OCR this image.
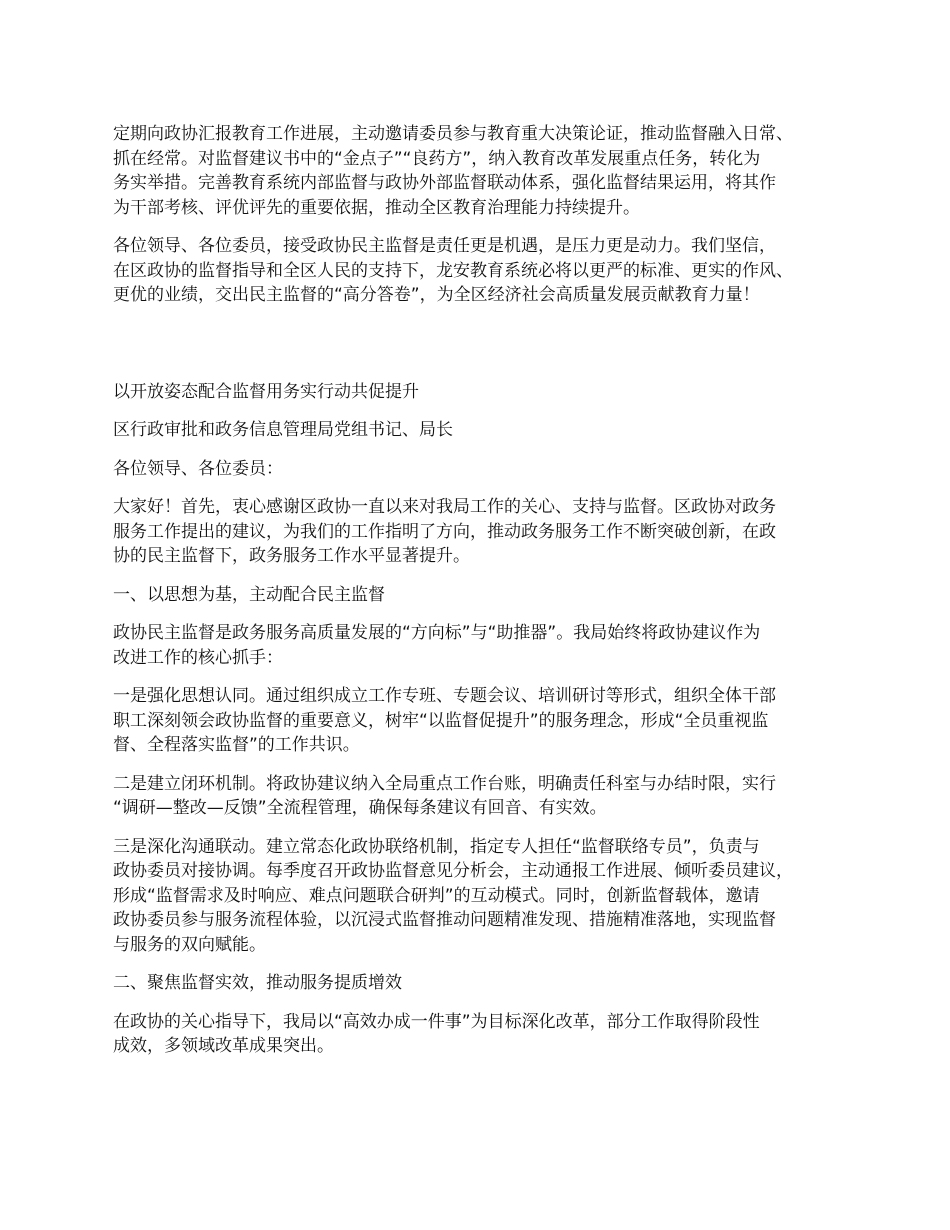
定期向政协汇报教育工作进展，主动邀请委员参与教育重大决策论证，推动监督融入日常、
抓在经常。对监督建议书中的“金点子”“良药方”，纳入教育改革发展重点任务，转化为
务实举措。完善教育系统内部监督与政协外部监督联动体系，强化监督结果运用，将其作
为干部考核、评优评先的重要依据，推动全区教育治理能力持续提升。
各位领导、各位委员，接受政协民主监督是责任更是机遇，是压力更是动力。我们坚信，
在区政协的监督指导和全区人民的支持下，龙安教育系统必将以更严的标准、更实的作风、
更优的业绩，交出民主监督的“高分答卷”，为全区经济社会高质量发展贡献教育力量！
以开放姿态配合监督用务实行动共促提升
区行政审批和政务信息管理局党组书记、局长
各位领导、各位委员：
大家好！首先，衷心感谢区政协一直以来对我局工作的关心、支持与监督。区政协对政务
服务工作提出的建议，为我们的工作指明了方向，推动政务服务工作不断突破创新，在政
协的民主监督下，政务服务工作水平显著提升。
一、以思想为基，主动配合民主监督
政协民主监督是政务服务高质量发展的“方向标”与“助推器”。我局始终将政协建议作为
改进工作的核心抓手：
一是强化思想认同。通过组织成立工作专班、专题会议、培训研讨等形式，组织全体干部
职工深刻领会政协监督的重要意义，树牢“以监督促提升”的服务理念，形成“全员重视监
督、全程落实监督”的工作共识。
二是建立闭环机制。将政协建议纳入全局重点工作台账，明确责任科室与办结时限，实行
“调研—整改—反馈”全流程管理，确保每条建议有回音、有实效。
三是深化沟通联动。建立常态化政协联络机制，指定专人担任“监督联络专员”，负责与
政协委员对接协调。每季度召开政协监督意见分析会，主动通报工作进展、倾听委员建议，
形成“监督需求及时响应、难点问题联合研判”的互动模式。同时，创新监督载体，邀请
政协委员参与服务流程体验，以沉浸式监督推动问题精准发现、措施精准落地，实现监督
与服务的双向赋能。
二、聚焦监督实效，推动服务提质增效
在政协的关心指导下，我局以“高效办成一件事”为目标深化改革，部分工作取得阶段性
成效，多领域改革成果突出。
